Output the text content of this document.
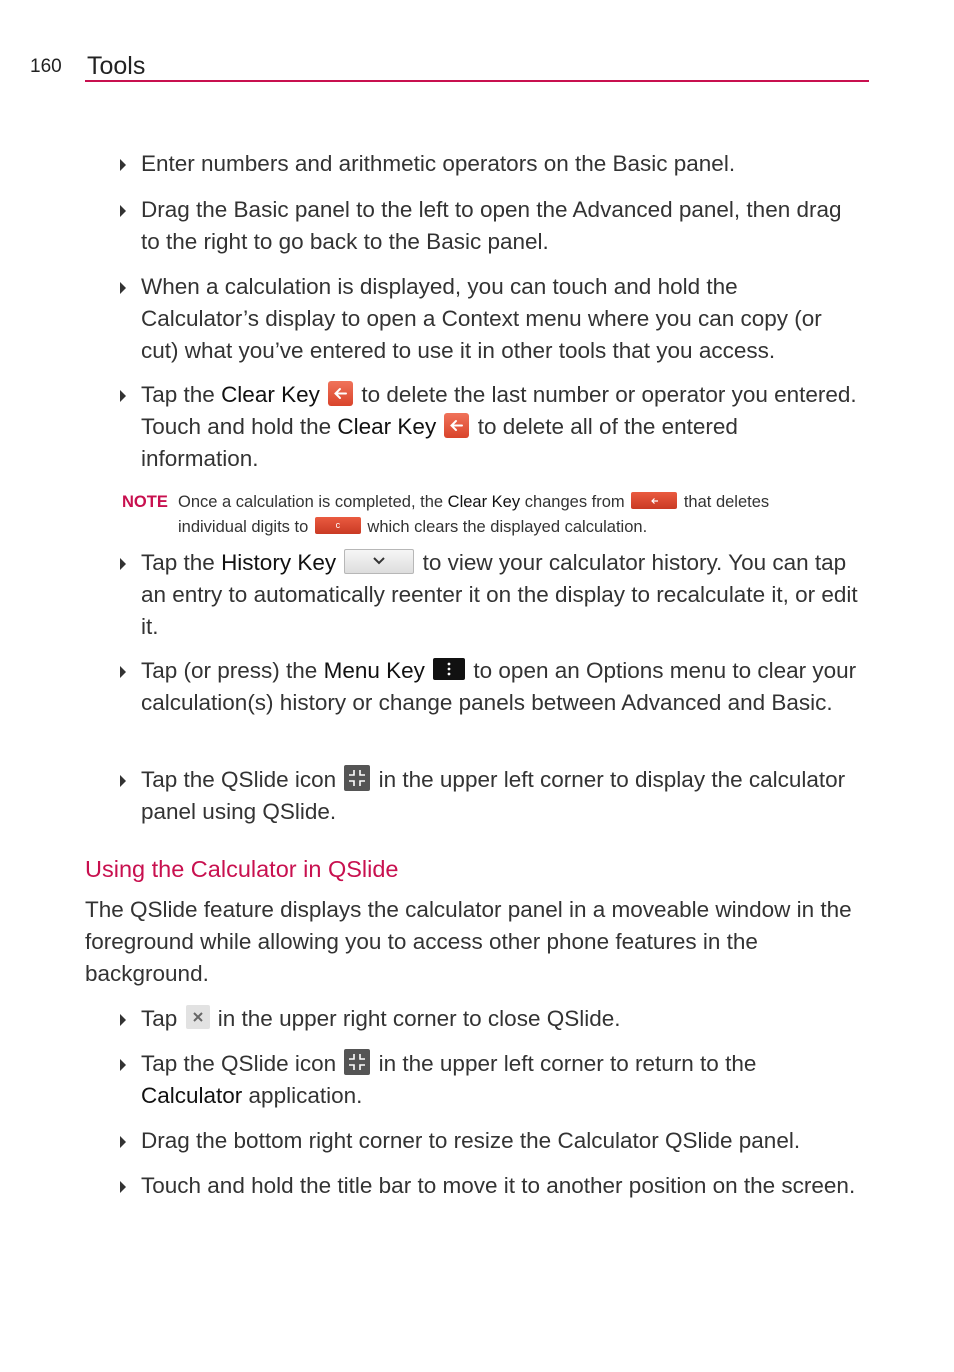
160 Tools
Enter numbers and arithmetic operators on the Basic panel.
Drag the Basic panel to the left to open the Advanced panel, then drag to the right to go back to the Basic panel.
When a calculation is displayed, you can touch and hold the Calculator’s display to open a Context menu where you can copy (or cut) what you’ve entered to use it in other tools that you access.
Tap the Clear Key
to delete the last number or operator you entered. Touch and hold the Clear Key
to delete all of the entered information.
NOTE Once a calculation is completed, the Clear Key changes from	that deletes individual digits to	c which clears the displayed calculation.
Tap the History Key	to view your calculator history. You can tap an entry to automatically reenter it on the display to recalculate it, or edit it.
Tap (or press) the Menu Key
to open an Options menu to clear your calculation(s) history or change panels between Advanced and Basic.
Tap the QSlide icon
in the upper left corner to display the calculator panel using QSlide.
Using the Calculator in QSlide
The QSlide feature displays the calculator panel in a moveable window in the foreground while allowing you to access other phone features in the background.
Tap
in the upper right corner to close QSlide.
Tap the QSlide icon
in the upper left corner to return to the Calculator application.
Drag the bottom right corner to resize the Calculator QSlide panel.
Touch and hold the title bar to move it to another position on the screen.
